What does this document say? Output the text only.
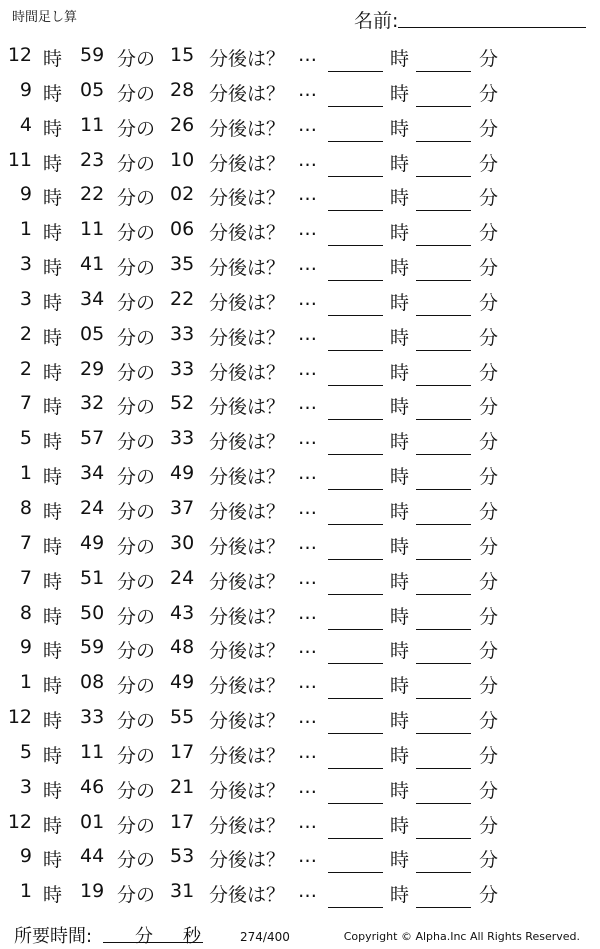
時間足し算	名前:
12 時 59 分の 15 分後は？ …	時	分
9 時 05 分の 28 分後は？ …	時	分
4 時 11 分の 26 分後は？ …	時	分
11 時 23 分の 10 分後は？ …	時	分
9 時 22 分の 02 分後は？ …	時	分
1 時 11 分の 06 分後は？ …	時	分
3 時 41 分の 35 分後は？ …	時	分
3 時 34 分の 22 分後は？ …	時	分
2 時 05 分の 33 分後は？ …	時	分
2 時 29 分の 33 分後は？ …	時	分
7 時 32 分の 52 分後は？ …	時	分
5 時 57 分の 33 分後は？ …	時	分
1 時 34 分の 49 分後は？ …	時	分
8 時 24 分の 37 分後は？ …	時	分
7 時 49 分の 30 分後は？ …	時	分
7 時 51 分の 24 分後は？ …	時	分
8 時 50 分の 43 分後は？ …	時	分
9 時 59 分の 48 分後は？ …	時	分
1 時 08 分の 49 分後は？ …	時	分
12 時 33 分の 55 分後は？ …	時	分
5 時 11 分の 17 分後は？ …	時	分
3 時 46 分の 21 分後は？ …	時	分
12 時 01 分の 17 分後は？ …	時	分
9 時 44 分の 53 分後は？ …	時	分
1 時 19 分の 31 分後は？ …	時	分
所要時間: 分 秒	274/400	Copyright © Alpha.Inc All Rights Reserved.
